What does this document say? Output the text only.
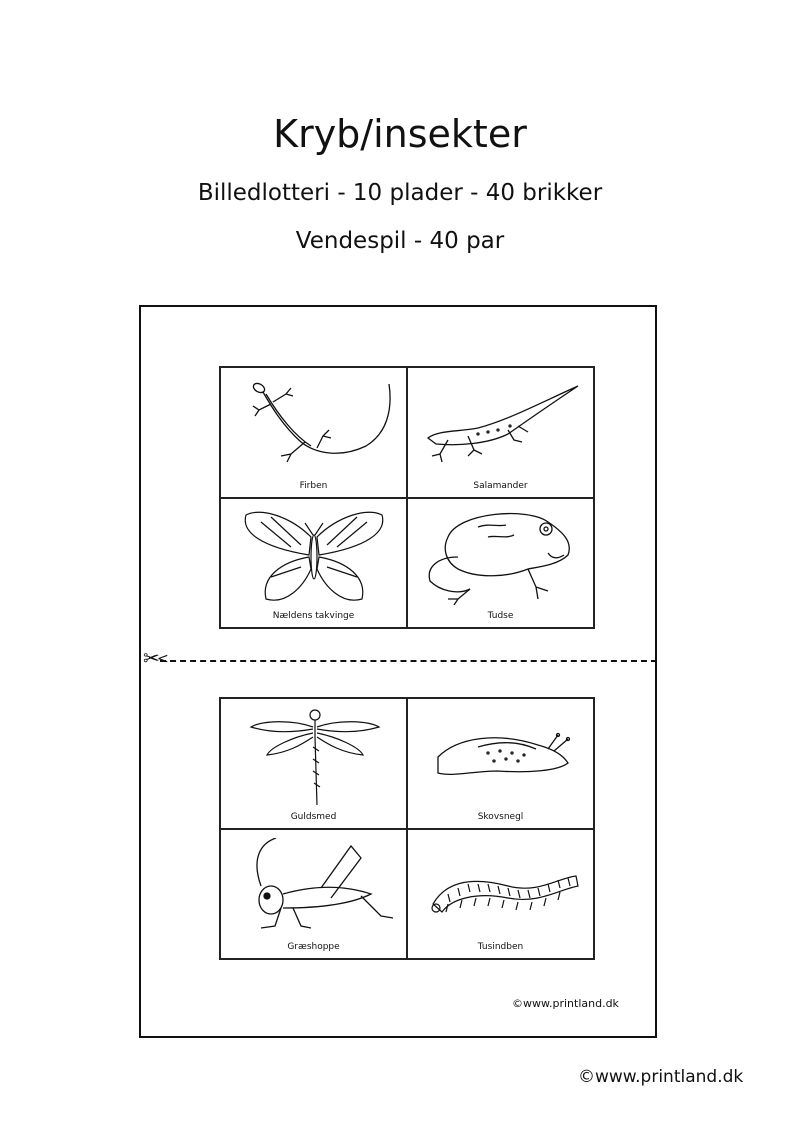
Kryb/insekter
Billedlotteri - 10 plader - 40 brikker
Vendespil - 40 par
Firben	Salamander
Nældens takvinge	Tudse
✂
<
Guldsmed	Skovsnegl
Græshoppe	Tusindben
©www.printland.dk
©www.printland.dk
